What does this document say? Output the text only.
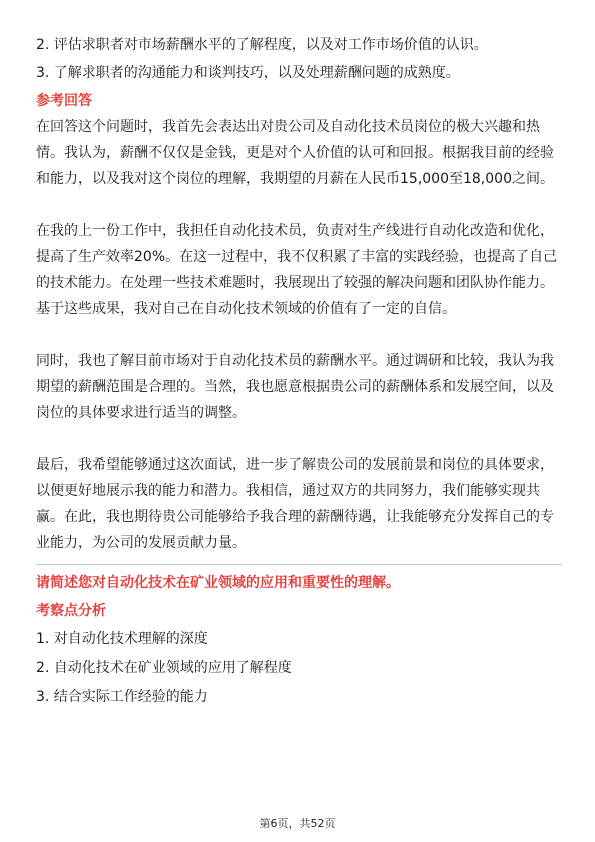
2. 评估求职者对市场薪酬水平的了解程度，以及对工作市场价值的认识。

3. 了解求职者的沟通能力和谈判技巧，以及处理薪酬问题的成熟度。

参考回答

在回答这个问题时，我首先会表达出对贵公司及自动化技术员岗位的极大兴趣和热情。我认为，薪酬不仅仅是金钱，更是对个人价值的认可和回报。根据我目前的经验和能力，以及我对这个岗位的理解，我期望的月薪在人民币15,000至18,000之间。

在我的上一份工作中，我担任自动化技术员，负责对生产线进行自动化改造和优化，提高了生产效率20%。在这一过程中，我不仅积累了丰富的实践经验，也提高了自己的技术能力。在处理一些技术难题时，我展现出了较强的解决问题和团队协作能力。基于这些成果，我对自己在自动化技术领域的价值有了一定的自信。

同时，我也了解目前市场对于自动化技术员的薪酬水平。通过调研和比较，我认为我期望的薪酬范围是合理的。当然，我也愿意根据贵公司的薪酬体系和发展空间，以及岗位的具体要求进行适当的调整。

最后，我希望能够通过这次面试，进一步了解贵公司的发展前景和岗位的具体要求，以便更好地展示我的能力和潜力。我相信，通过双方的共同努力，我们能够实现共赢。在此，我也期待贵公司能够给予我合理的薪酬待遇，让我能够充分发挥自己的专业能力，为公司的发展贡献力量。

请简述您对自动化技术在矿业领域的应用和重要性的理解。

考察点分析

1. 对自动化技术理解的深度

2. 自动化技术在矿业领域的应用了解程度

3. 结合实际工作经验的能力

第6页，共52页
